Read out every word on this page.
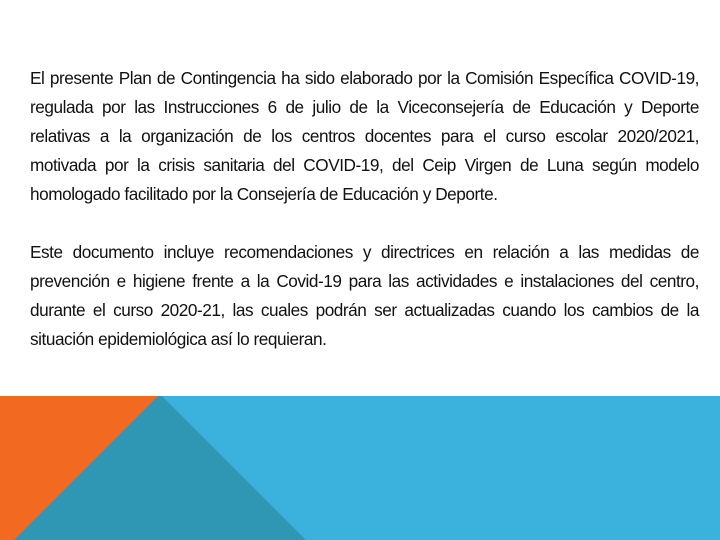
El presente Plan de Contingencia ha sido elaborado por la Comisión Específica COVID-19, regulada por las Instrucciones 6 de julio de la Viceconsejería de Educación y Deporte relativas a la organización de los centros docentes para el curso escolar 2020/2021, motivada por la crisis sanitaria del COVID-19, del Ceip Virgen de Luna según modelo homologado facilitado por la Consejería de Educación y Deporte.

Este documento incluye recomendaciones y directrices en relación a las medidas de prevención e higiene frente a la Covid-19 para las actividades e instalaciones del centro, durante el curso 2020-21, las cuales podrán ser actualizadas cuando los cambios de la situación epidemiológica así lo requieran.
